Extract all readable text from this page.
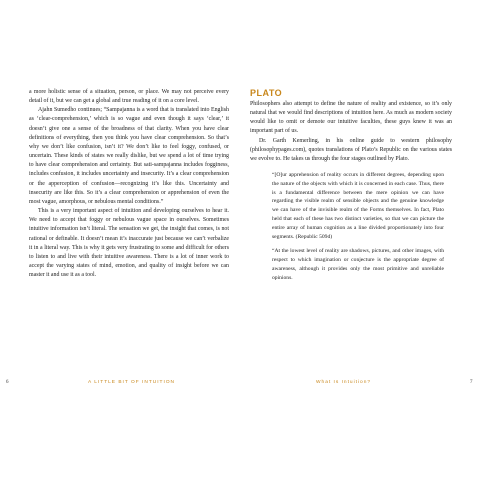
a more holistic sense of a situation, person, or place. We may not perceive every detail of it, but we can get a global and true reading of it on a core level.

Ajahn Sumedho continues; “Sampajanna is a word that is translated into English as ‘clear-comprehension,’ which is so vague and even though it says ‘clear,’ it doesn’t give one a sense of the broadness of that clarity. When you have clear definitions of everything, then you think you have clear comprehension. So that’s why we don’t like confusion, isn’t it? We don’t like to feel foggy, confused, or uncertain. These kinds of states we really dislike, but we spend a lot of time trying to have clear comprehension and certainty. But sati-sampajanna includes fogginess, includes confusion, it includes uncertainty and insecurity. It’s a clear comprehension or the apperception of confusion—recognizing it’s like this. Uncertainty and insecurity are like this. So it’s a clear comprehension or apprehension of even the most vague, amorphous, or nebulous mental conditions.”

This is a very important aspect of intuition and developing ourselves to hear it. We need to accept that foggy or nebulous vague space in ourselves. Sometimes intuitive information isn’t literal. The sensation we get, the insight that comes, is not rational or definable. It doesn’t mean it’s inaccurate just because we can’t verbalize it in a literal way. This is why it gets very frustrating to some and difficult for others to listen to and live with their intuitive awareness. There is a lot of inner work to accept the varying states of mind, emotion, and quality of insight before we can master it and use it as a tool.

PLATO

Philosophers also attempt to define the nature of reality and existence, so it’s only natural that we would find descriptions of intuition here. As much as modern society would like to omit or demote our intuitive faculties, these guys knew it was an important part of us.

Dr. Garth Kemerling, in his online guide to western philosophy (philosophypages.com), quotes translations of Plato’s Republic on the various states we evolve to. He takes us through the four stages outlined by Plato.

“[O]ur apprehension of reality occurs in different degrees, depending upon the nature of the objects with which it is concerned in each case. Thus, there is a fundamental difference between the mere opinion we can have regarding the visible realm of sensible objects and the genuine knowledge we can have of the invisible realm of the Forms themselves. In fact, Plato held that each of these has two distinct varieties, so that we can picture the entire array of human cognition as a line divided proportionately into four segments. (Republic 509d)

“At the lowest level of reality are shadows, pictures, and other images, with respect to which imagination or conjecture is the appropriate degree of awareness, although it provides only the most primitive and unreliable opinions.

6	A LITTLE BIT OF INTUITION	What Is Intuition?	7
